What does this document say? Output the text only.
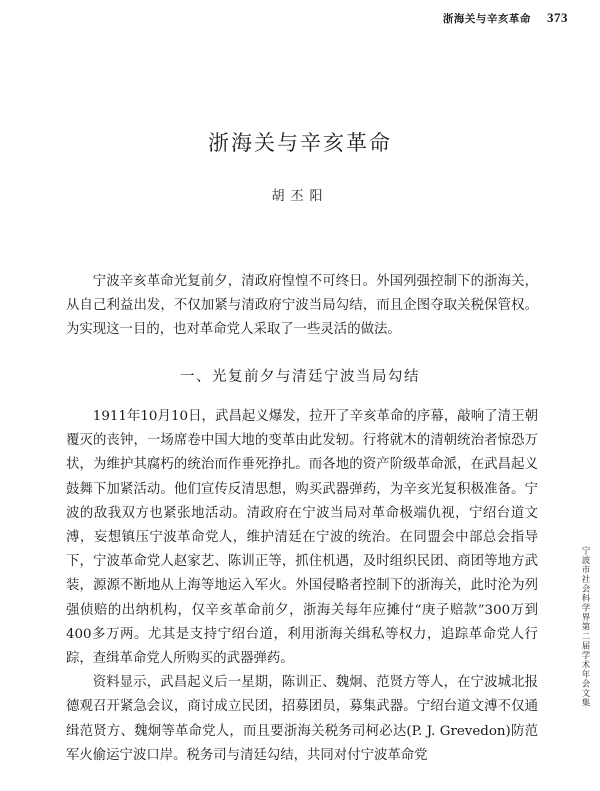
浙海关与辛亥革命 373
浙海关与辛亥革命
胡丕阳

宁波辛亥革命光复前夕，清政府惶惶不可终日。外国列强控制下的浙海关，从自己利益出发，不仅加紧与清政府宁波当局勾结，而且企图夺取关税保管权。为实现这一目的，也对革命党人采取了一些灵活的做法。

一、光复前夕与清廷宁波当局勾结

1911年10月10日，武昌起义爆发，拉开了辛亥革命的序幕，敲响了清王朝覆灭的丧钟，一场席卷中国大地的变革由此发轫。行将就木的清朝统治者惊恐万状，为维护其腐朽的统治而作垂死挣扎。而各地的资产阶级革命派，在武昌起义鼓舞下加紧活动。他们宣传反清思想，购买武器弹药，为辛亥光复积极准备。宁波的敌我双方也紧张地活动。清政府在宁波当局对革命极端仇视，宁绍台道文溥，妄想镇压宁波革命党人，维护清廷在宁波的统治。在同盟会中部总会指导下，宁波革命党人赵家艺、陈训正等，抓住机遇，及时组织民团、商团等地方武装，源源不断地从上海等地运入军火。外国侵略者控制下的浙海关，此时沦为列强侦赔的出纳机构，仅辛亥革命前夕，浙海关每年应摊付“庚子赔款”300万到400多万两。尤其是支持宁绍台道，利用浙海关缉私等权力，追踪革命党人行踪，查缉革命党人所购买的武器弹药。

资料显示，武昌起义后一星期，陈训正、魏炯、范贤方等人，在宁波城北报德观召开紧急会议，商讨成立民团，招募团员，募集武器。宁绍台道文溥不仅通缉范贤方、魏炯等革命党人，而且要浙海关税务司柯必达(P. J. Grevedon)防范军火偷运宁波口岸。税务司与清廷勾结，共同对付宁波革命党

宁波市社会科学界第二届学术年会文集
